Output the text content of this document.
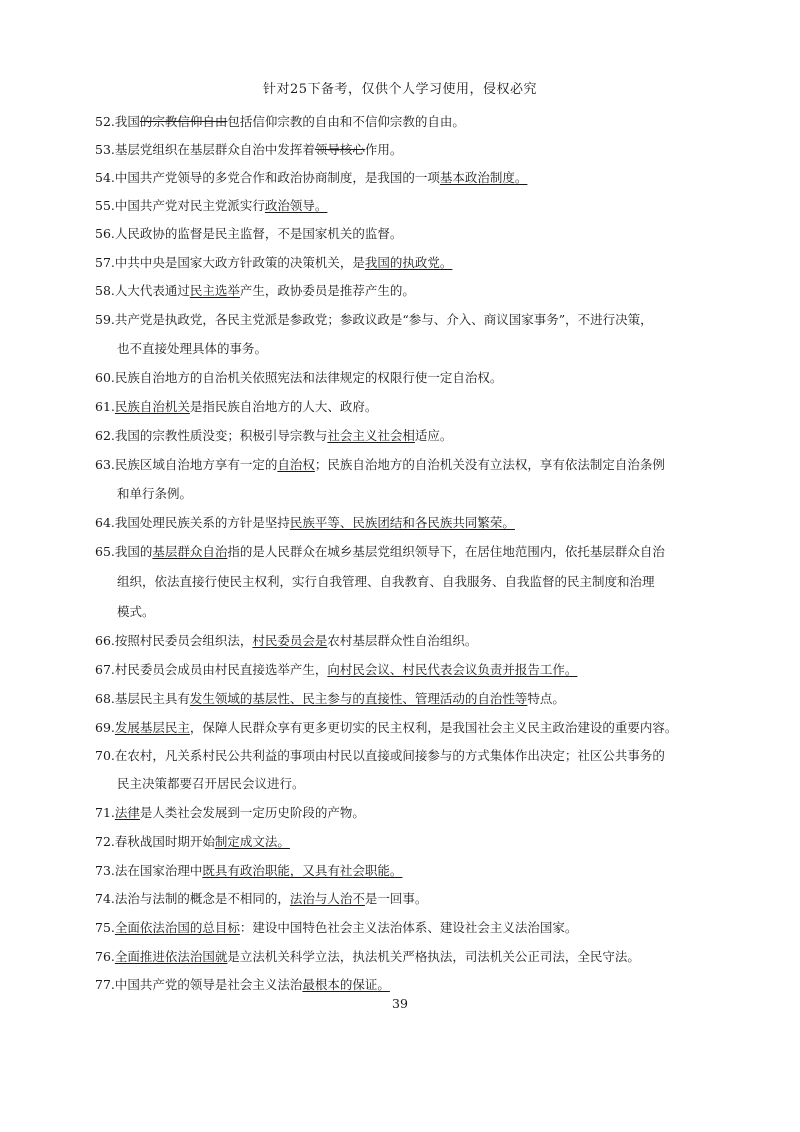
针对25下备考，仅供个人学习使用，侵权必究
52.我国的宗教信仰自由包括信仰宗教的自由和不信仰宗教的自由。
53.基层党组织在基层群众自治中发挥着领导核心作用。
54.中国共产党领导的多党合作和政治协商制度，是我国的一项基本政治制度。
55.中国共产党对民主党派实行政治领导。
56.人民政协的监督是民主监督，不是国家机关的监督。
57.中共中央是国家大政方针政策的决策机关，是我国的执政党。
58.人大代表通过民主选举产生，政协委员是推荐产生的。
59.共产党是执政党，各民主党派是参政党；参政议政是“参与、介入、商议国家事务”，不进行决策，
也不直接处理具体的事务。
60.民族自治地方的自治机关依照宪法和法律规定的权限行使一定自治权。
61.民族自治机关是指民族自治地方的人大、政府。
62.我国的宗教性质没变；积极引导宗教与社会主义社会相适应。
63.民族区域自治地方享有一定的自治权；民族自治地方的自治机关没有立法权，享有依法制定自治条例
和单行条例。
64.我国处理民族关系的方针是坚持民族平等、民族团结和各民族共同繁荣。
65.我国的基层群众自治指的是人民群众在城乡基层党组织领导下，在居住地范围内，依托基层群众自治
组织，依法直接行使民主权利，实行自我管理、自我教育、自我服务、自我监督的民主制度和治理
模式。
66.按照村民委员会组织法，村民委员会是农村基层群众性自治组织。
67.村民委员会成员由村民直接选举产生，向村民会议、村民代表会议负责并报告工作。
68.基层民主具有发生领域的基层性、民主参与的直接性、管理活动的自治性等特点。
69.发展基层民主，保障人民群众享有更多更切实的民主权利，是我国社会主义民主政治建设的重要内容。
70.在农村，凡关系村民公共利益的事项由村民以直接或间接参与的方式集体作出决定；社区公共事务的
民主决策都要召开居民会议进行。
71.法律是人类社会发展到一定历史阶段的产物。
72.春秋战国时期开始制定成文法。
73.法在国家治理中既具有政治职能，又具有社会职能。
74.法治与法制的概念是不相同的，法治与人治不是一回事。
75.全面依法治国的总目标：建设中国特色社会主义法治体系、建设社会主义法治国家。
76.全面推进依法治国就是立法机关科学立法，执法机关严格执法，司法机关公正司法，全民守法。
77.中国共产党的领导是社会主义法治最根本的保证。
39
